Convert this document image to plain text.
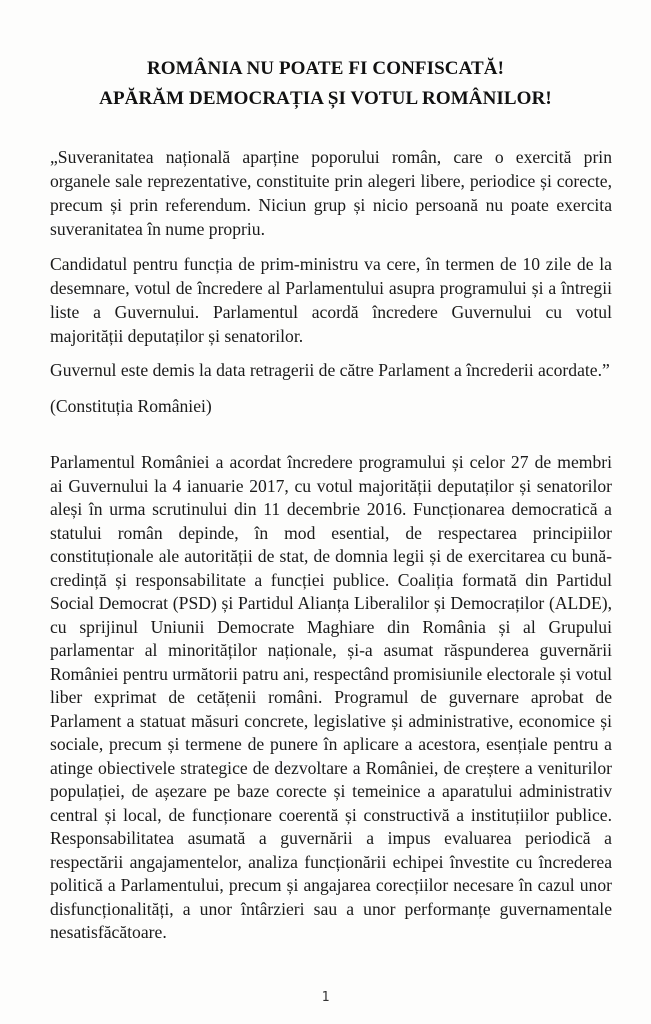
ROMÂNIA NU POATE FI CONFISCATĂ!
APĂRĂM DEMOCRAȚIA ȘI VOTUL ROMÂNILOR!
„Suveranitatea națională aparține poporului român, care o exercită prin
organele sale reprezentative, constituite prin alegeri libere, periodice și corecte,
precum și prin referendum. Niciun grup și nicio persoană nu poate exercita
suveranitatea în nume propriu.
Candidatul pentru funcția de prim-ministru va cere, în termen de 10 zile de la
desemnare, votul de încredere al Parlamentului asupra programului și a întregii
liste a Guvernului. Parlamentul acordă încredere Guvernului cu votul
majorității deputaților și senatorilor.
Guvernul este demis la data retragerii de către Parlament a încrederii acordate.”
(Constituția României)
Parlamentul României a acordat încredere programului și celor 27 de membri
ai Guvernului la 4 ianuarie 2017, cu votul majorității deputaților și senatorilor
aleși în urma scrutinului din 11 decembrie 2016. Funcționarea democratică a
statului român depinde, în mod esential, de respectarea principiilor
constituționale ale autorității de stat, de domnia legii și de exercitarea cu bună-
credință și responsabilitate a funcției publice. Coaliția formată din Partidul
Social Democrat (PSD) și Partidul Alianța Liberalilor și Democraților (ALDE),
cu sprijinul Uniunii Democrate Maghiare din România și al Grupului
parlamentar al minorităților naționale, și-a asumat răspunderea guvernării
României pentru următorii patru ani, respectând promisiunile electorale și votul
liber exprimat de cetățenii români. Programul de guvernare aprobat de
Parlament a statuat măsuri concrete, legislative și administrative, economice și
sociale, precum și termene de punere în aplicare a acestora, esențiale pentru a
atinge obiectivele strategice de dezvoltare a României, de creștere a veniturilor
populației, de așezare pe baze corecte și temeinice a aparatului administrativ
central și local, de funcționare coerentă și constructivă a instituțiilor publice.
Responsabilitatea asumată a guvernării a impus evaluarea periodică a
respectării angajamentelor, analiza funcționării echipei învestite cu încrederea
politică a Parlamentului, precum și angajarea corecțiilor necesare în cazul unor
disfuncționalități, a unor întârzieri sau a unor performanțe guvernamentale
nesatisfăcătoare.
1
